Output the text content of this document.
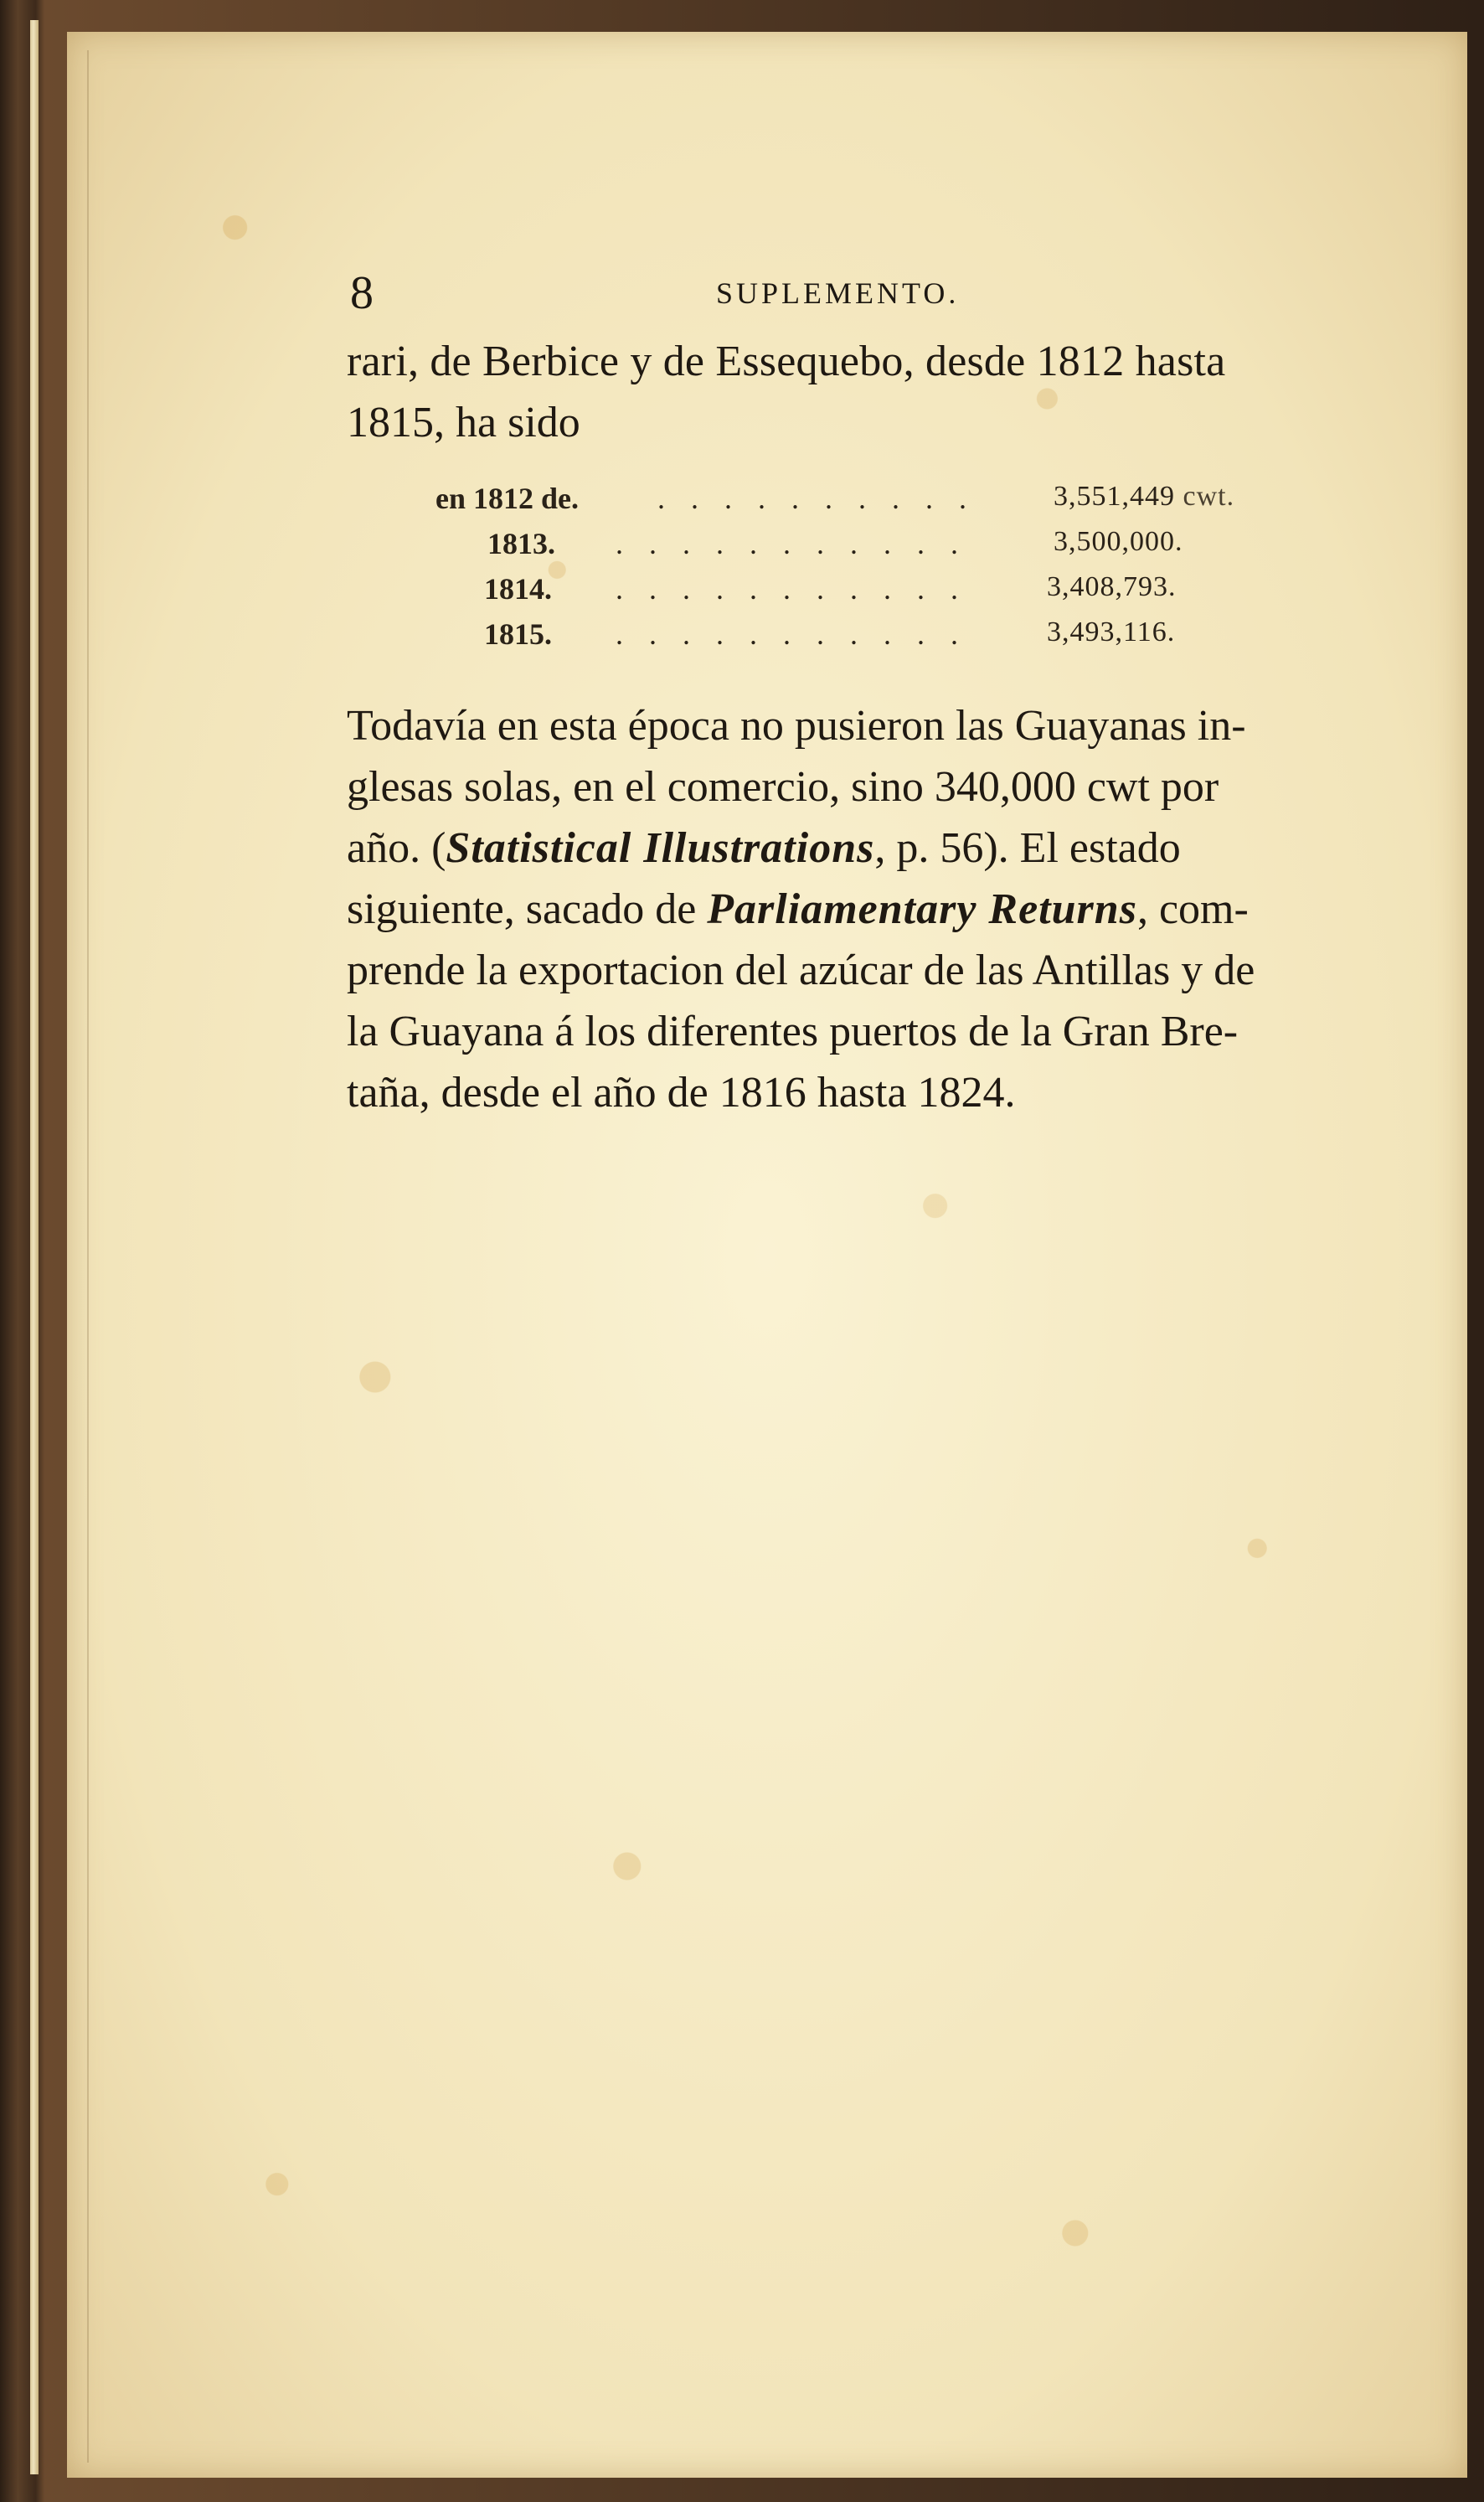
8	SUPLEMENTO.
rari, de Berbice y de Essequebo, desde 1812 hasta
1815, ha sido
en 1812 de.	. . . . . . . . . .	3,551,449 cwt.
1813. . . . . . . . . . . .	3,500,000.
1814. . . . . . . . . . . .	3,408,793.
1815. . . . . . . . . . . .	3,493,116.
Todavía en esta época no pusieron las Guayanas in-
glesas solas, en el comercio, sino 340,000 cwt por
año. (Statistical Illustrations, p. 56). El estado
siguiente, sacado de Parliamentary Returns, com-
prende la exportacion del azúcar de las Antillas y de
la Guayana á los diferentes puertos de la Gran Bre-
taña, desde el año de 1816 hasta 1824.
